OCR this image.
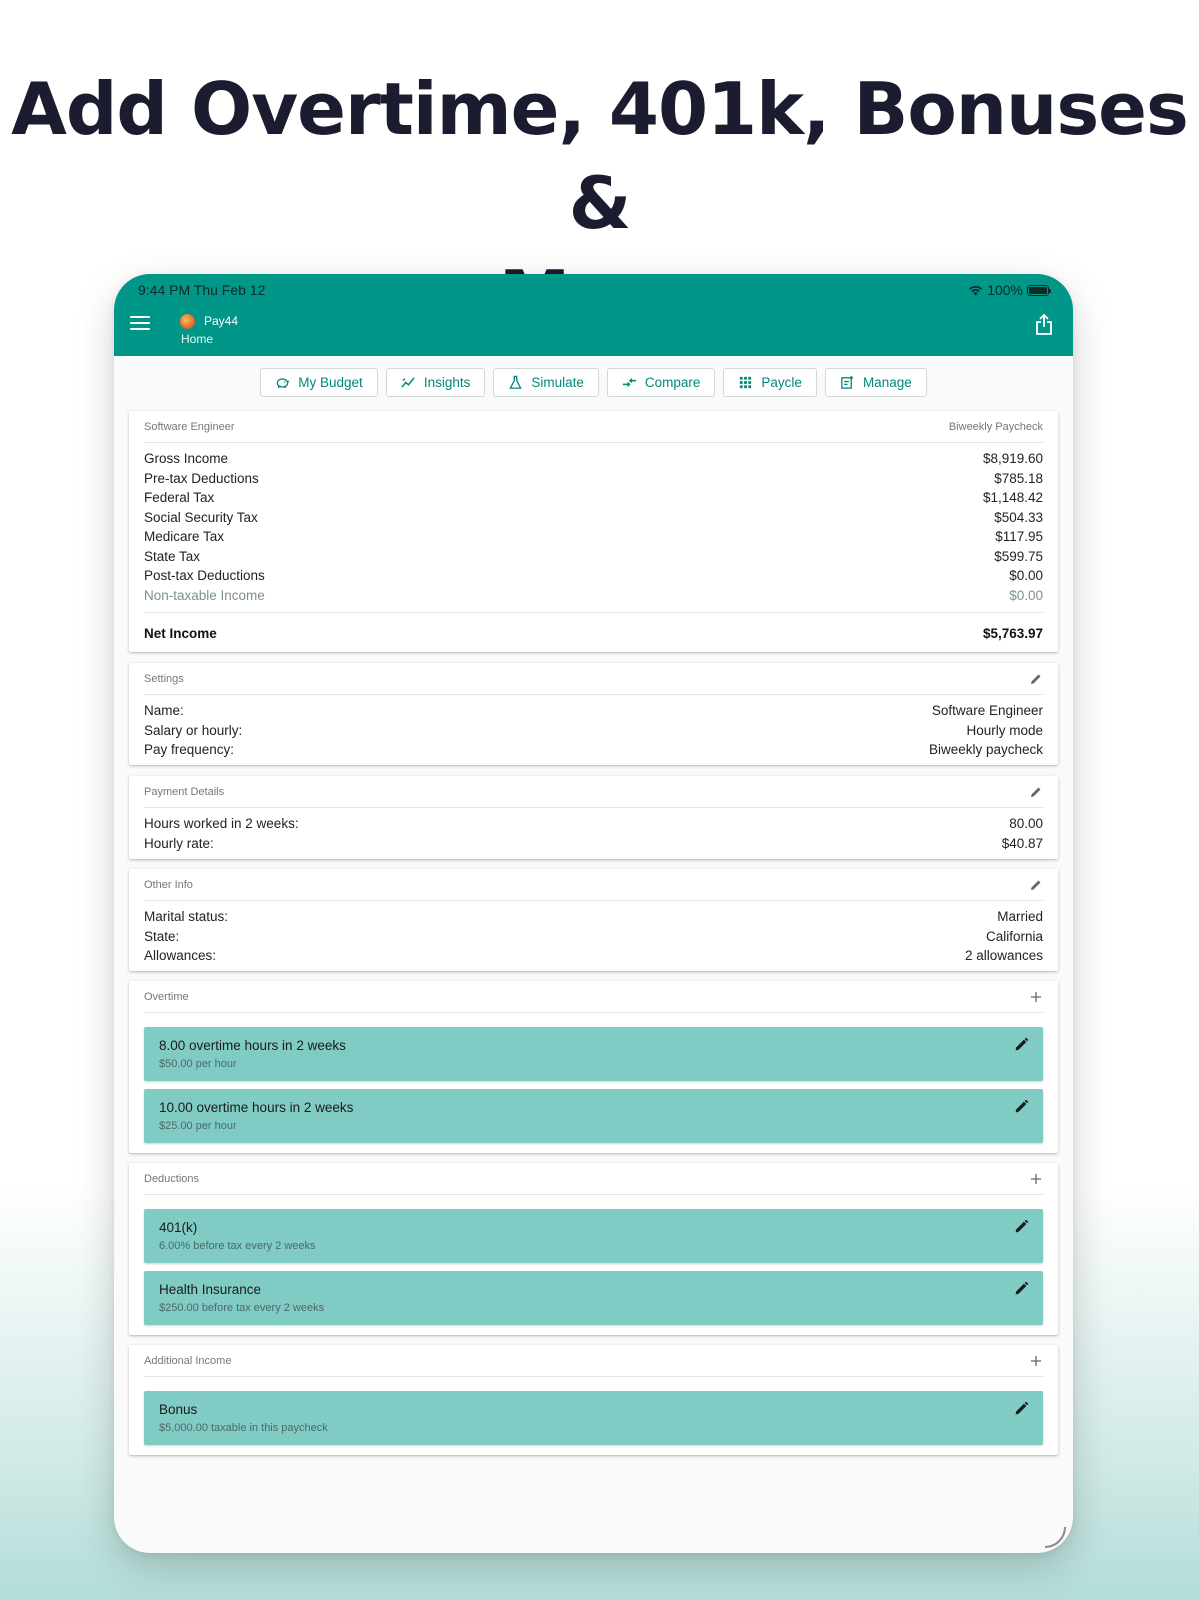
Add Overtime, 401k, Bonuses &
9:44 PM Thu Feb 12	100%
Pay44
Home
My Budget	Insights	Simulate	Compare	Paycle	Manage
Software Engineer	Biweekly Paycheck
Gross Income	$8,919.60
Pre-tax Deductions	$785.18
Federal Tax	$1,148.42
Social Security Tax	$504.33
Medicare Tax	$117.95
State Tax	$599.75
Post-tax Deductions	$0.00
Non-taxable Income	$0.00
Net Income	$5,763.97
Settings
Name:	Software Engineer
Salary or hourly:	Hourly mode
Pay frequency:	Biweekly paycheck
Payment Details
Hours worked in 2 weeks:	80.00
Hourly rate:	$40.87
Other Info
Marital status:	Married
State:	California
Allowances:	2 allowances
Overtime
8.00 overtime hours in 2 weeks
$50.00 per hour
10.00 overtime hours in 2 weeks
$25.00 per hour
Deductions
401(k)
6.00% before tax every 2 weeks
Health Insurance
$250.00 before tax every 2 weeks
Additional Income
Bonus
$5,000.00 taxable in this paycheck
